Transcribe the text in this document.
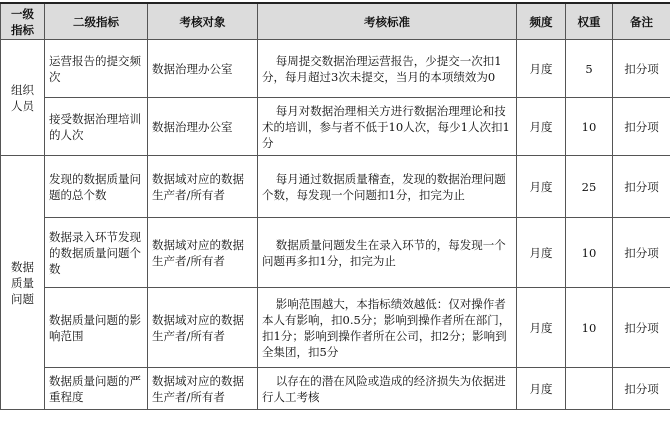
一级
指标	二级指标	考核对象	考核标准	频度	权重	备注
组织
人员	运营报告的提交频次	数据治理办公室	每周提交数据治理运营报告，少提交一次扣1分，每月超过3次未提交，当月的本项绩效为0	月度	5	扣分项
	接受数据治理培训的人次	数据治理办公室	每月对数据治理相关方进行数据治理理论和技术的培训，参与者不低于10人次，每少1人次扣1分	月度	10	扣分项
数据
质量
问题	发现的数据质量问题的总个数	数据域对应的数据生产者/所有者	每月通过数据质量稽查，发现的数据治理问题个数，每发现一个问题扣1分，扣完为止	月度	25	扣分项
	数据录入环节发现的数据质量问题个数	数据域对应的数据生产者/所有者	数据质量问题发生在录入环节的，每发现一个问题再多扣1分，扣完为止	月度	10	扣分项
	数据质量问题的影响范围	数据域对应的数据生产者/所有者	影响范围越大，本指标绩效越低：仅对操作者本人有影响，扣0.5分；影响到操作者所在部门，扣1分；影响到操作者所在公司，扣2分；影响到全集团，扣5分	月度	10	扣分项
	数据质量问题的严重程度	数据域对应的数据生产者/所有者	以存在的潜在风险或造成的经济损失为依据进行人工考核	月度		扣分项
